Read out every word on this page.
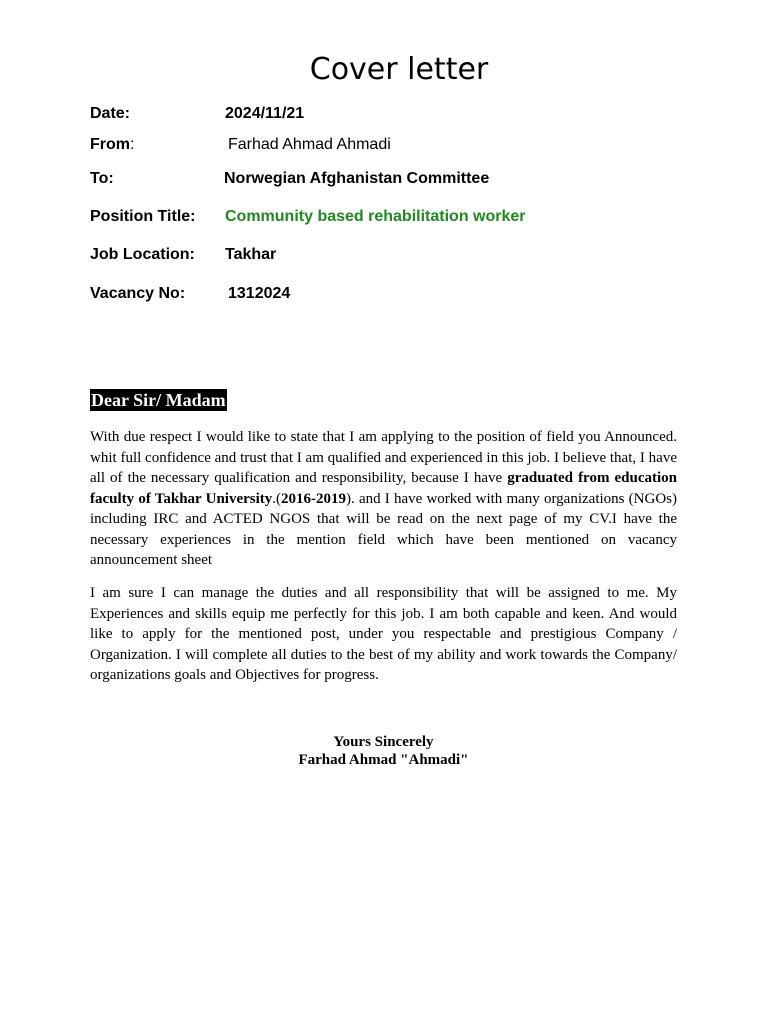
Cover letter
Date:	2024/11/21
From:	Farhad Ahmad Ahmadi
To:	Norwegian Afghanistan Committee
Position Title: Community based rehabilitation worker
Job Location: Takhar
Vacancy No:	1312024
Dear Sir/ Madam

With due respect I would like to state that I am applying to the position of field you Announced. whit full confidence and trust that I am qualified and experienced in this job. I believe that, I have all of the necessary qualification and responsibility, because I have graduated from education faculty of Takhar University.(2016-2019). and I have worked with many organizations (NGOs) including IRC and ACTED NGOS that will be read on the next page of my CV.I have the necessary experiences in the mention field which have been mentioned on vacancy announcement sheet

I am sure I can manage the duties and all responsibility that will be assigned to me. My Experiences and skills equip me perfectly for this job. I am both capable and keen. And would like to apply for the mentioned post, under you respectable and prestigious Company / Organization. I will complete all duties to the best of my ability and work towards the Company/ organizations goals and Objectives for progress.

Yours Sincerely
Farhad Ahmad "Ahmadi"
